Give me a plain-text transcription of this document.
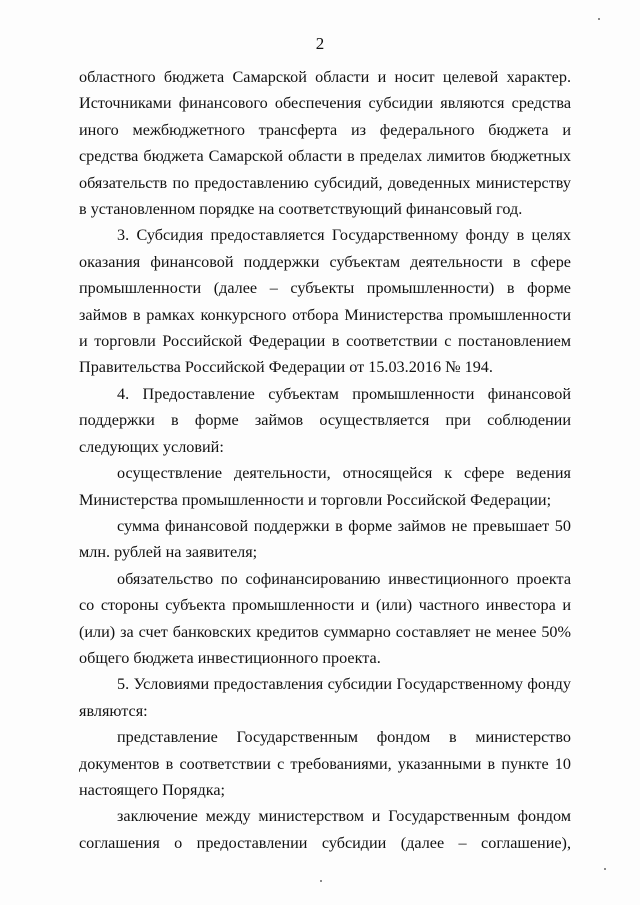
2

областного бюджета Самарской области и носит целевой характер. Источниками финансового обеспечения субсидии являются средства иного межбюджетного трансферта из федерального бюджета и средства бюджета Самарской области в пределах лимитов бюджетных обязательств по предоставлению субсидий, доведенных министерству в установленном порядке на соответствующий финансовый год.

3. Субсидия предоставляется Государственному фонду в целях оказания финансовой поддержки субъектам деятельности в сфере промышленности (далее – субъекты промышленности) в форме займов в рамках конкурсного отбора Министерства промышленности и торговли Российской Федерации в соответствии с постановлением Правительства Российской Федерации от 15.03.2016 № 194.

4. Предоставление субъектам промышленности финансовой поддержки в форме займов осуществляется при соблюдении следующих условий:

осуществление деятельности, относящейся к сфере ведения Министерства промышленности и торговли Российской Федерации;

сумма финансовой поддержки в форме займов не превышает 50 млн. рублей на заявителя;

обязательство по софинансированию инвестиционного проекта со стороны субъекта промышленности и (или) частного инвестора и (или) за счет банковских кредитов суммарно составляет не менее 50% общего бюджета инвестиционного проекта.

5. Условиями предоставления субсидии Государственному фонду являются:

представление Государственным фондом в министерство документов в соответствии с требованиями, указанными в пункте 10 настоящего Порядка;

заключение между министерством и Государственным фондом соглашения о предоставлении субсидии (далее – соглашение),
